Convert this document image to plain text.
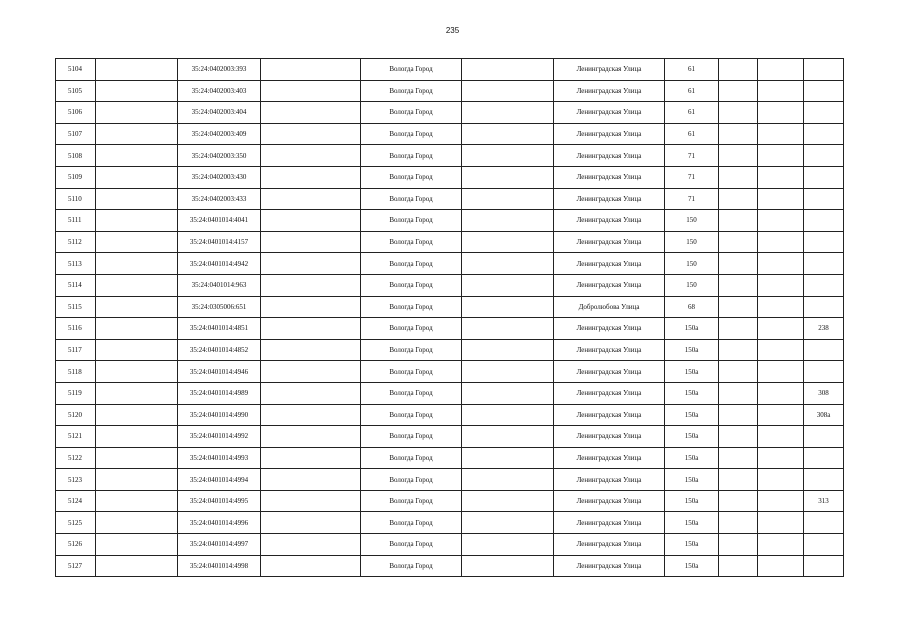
235
5104		35:24:0402003:393		Вологда Город		Ленинградская Улица	61			
5105		35:24:0402003:403		Вологда Город		Ленинградская Улица	61			
5106		35:24:0402003:404		Вологда Город		Ленинградская Улица	61			
5107		35:24:0402003:409		Вологда Город		Ленинградская Улица	61			
5108		35:24:0402003:350		Вологда Город		Ленинградская Улица	71			
5109		35:24:0402003:430		Вологда Город		Ленинградская Улица	71			
5110		35:24:0402003:433		Вологда Город		Ленинградская Улица	71			
5111		35:24:0401014:4041		Вологда Город		Ленинградская Улица	150			
5112		35:24:0401014:4157		Вологда Город		Ленинградская Улица	150			
5113		35:24:0401014:4942		Вологда Город		Ленинградская Улица	150			
5114		35:24:0401014:963		Вологда Город		Ленинградская Улица	150			
5115		35:24:0305006:651		Вологда Город		Добролюбова Улица	68			
5116		35:24:0401014:4851		Вологда Город		Ленинградская Улица	150а			238
5117		35:24:0401014:4852		Вологда Город		Ленинградская Улица	150а			
5118		35:24:0401014:4946		Вологда Город		Ленинградская Улица	150а			
5119		35:24:0401014:4989		Вологда Город		Ленинградская Улица	150а			308
5120		35:24:0401014:4990		Вологда Город		Ленинградская Улица	150а			308а
5121		35:24:0401014:4992		Вологда Город		Ленинградская Улица	150а			
5122		35:24:0401014:4993		Вологда Город		Ленинградская Улица	150а			
5123		35:24:0401014:4994		Вологда Город		Ленинградская Улица	150а			
5124		35:24:0401014:4995		Вологда Город		Ленинградская Улица	150а			313
5125		35:24:0401014:4996		Вологда Город		Ленинградская Улица	150а			
5126		35:24:0401014:4997		Вологда Город		Ленинградская Улица	150а			
5127		35:24:0401014:4998		Вологда Город		Ленинградская Улица	150а			
